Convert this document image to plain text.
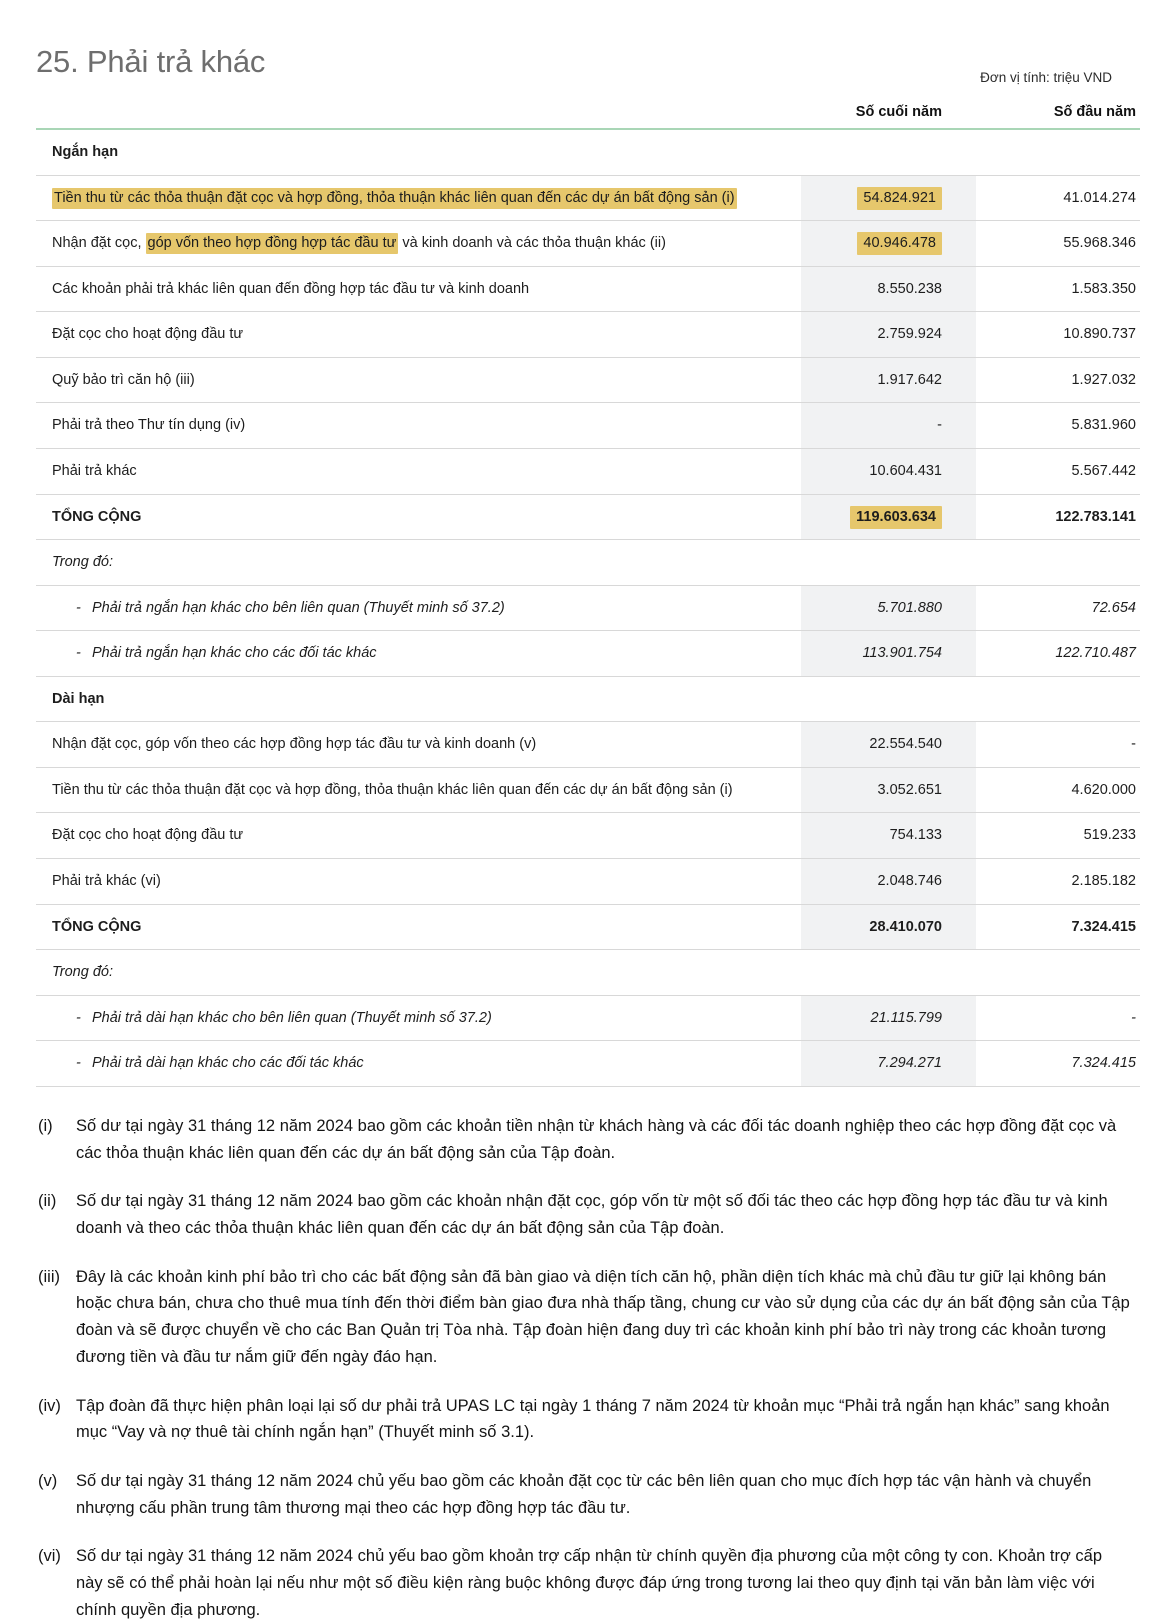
25. Phải trả khác	Đơn vị tính: triệu VND
	Số cuối năm	Số đầu năm
Ngắn hạn		
Tiền thu từ các thỏa thuận đặt cọc và hợp đồng, thỏa thuận khác liên quan đến các dự án bất động sản (i)	54.824.921	41.014.274
Nhận đặt cọc, góp vốn theo hợp đồng hợp tác đầu tư và kinh doanh và các thỏa thuận khác (ii)	40.946.478	55.968.346
Các khoản phải trả khác liên quan đến đồng hợp tác đầu tư và kinh doanh	8.550.238	1.583.350
Đặt cọc cho hoạt động đầu tư	2.759.924	10.890.737
Quỹ bảo trì căn hộ (iii)	1.917.642	1.927.032
Phải trả theo Thư tín dụng (iv)	-	5.831.960
Phải trả khác	10.604.431	5.567.442
TỔNG CỘNG	119.603.634	122.783.141
Trong đó:		
- Phải trả ngắn hạn khác cho bên liên quan (Thuyết minh số 37.2)	5.701.880	72.654
- Phải trả ngắn hạn khác cho các đối tác khác	113.901.754	122.710.487
Dài hạn		
Nhận đặt cọc, góp vốn theo các hợp đồng hợp tác đầu tư và kinh doanh (v)	22.554.540	-
Tiền thu từ các thỏa thuận đặt cọc và hợp đồng, thỏa thuận khác liên quan đến các dự án bất động sản (i)	3.052.651	4.620.000
Đặt cọc cho hoạt động đầu tư	754.133	519.233
Phải trả khác (vi)	2.048.746	2.185.182
TỔNG CỘNG	28.410.070	7.324.415
Trong đó:		
- Phải trả dài hạn khác cho bên liên quan (Thuyết minh số 37.2)	21.115.799	-
- Phải trả dài hạn khác cho các đối tác khác	7.294.271	7.324.415
(i)	Số dư tại ngày 31 tháng 12 năm 2024 bao gồm các khoản tiền nhận từ khách hàng và các đối tác doanh nghiệp theo các hợp đồng đặt cọc và các thỏa thuận khác liên quan đến các dự án bất động sản của Tập đoàn.
(ii)	Số dư tại ngày 31 tháng 12 năm 2024 bao gồm các khoản nhận đặt cọc, góp vốn từ một số đối tác theo các hợp đồng hợp tác đầu tư và kinh doanh và theo các thỏa thuận khác liên quan đến các dự án bất động sản của Tập đoàn.
(iii) Đây là các khoản kinh phí bảo trì cho các bất động sản đã bàn giao và diện tích căn hộ, phần diện tích khác mà chủ đầu tư giữ lại không bán hoặc chưa bán, chưa cho thuê mua tính đến thời điểm bàn giao đưa nhà thấp tầng, chung cư vào sử dụng của các dự án bất động sản của Tập đoàn và sẽ được chuyển về cho các Ban Quản trị Tòa nhà. Tập đoàn hiện đang duy trì các khoản kinh phí bảo trì này trong các khoản tương đương tiền và đầu tư nắm giữ đến ngày đáo hạn.
(iv) Tập đoàn đã thực hiện phân loại lại số dư phải trả UPAS LC tại ngày 1 tháng 7 năm 2024 từ khoản mục “Phải trả ngắn hạn khác” sang khoản mục “Vay và nợ thuê tài chính ngắn hạn” (Thuyết minh số 3.1).
(v)	Số dư tại ngày 31 tháng 12 năm 2024 chủ yếu bao gồm các khoản đặt cọc từ các bên liên quan cho mục đích hợp tác vận hành và chuyển nhượng cấu phần trung tâm thương mại theo các hợp đồng hợp tác đầu tư.
(vi) Số dư tại ngày 31 tháng 12 năm 2024 chủ yếu bao gồm khoản trợ cấp nhận từ chính quyền địa phương của một công ty con. Khoản trợ cấp này sẽ có thể phải hoàn lại nếu như một số điều kiện ràng buộc không được đáp ứng trong tương lai theo quy định tại văn bản làm việc với chính quyền địa phương.
